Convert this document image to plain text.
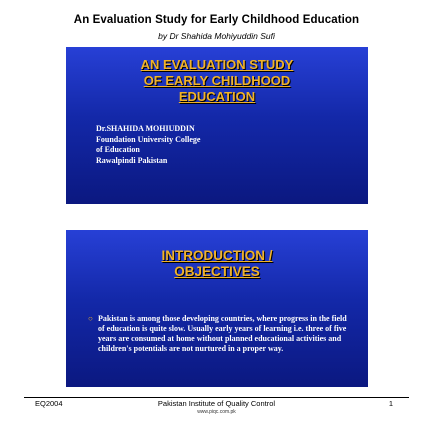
An Evaluation Study for Early Childhood Education
by Dr Shahida Mohiyuddin Sufi
AN EVALUATION STUDY
OF EARLY CHILDHOOD
EDUCATION
Dr.SHAHIDA MOHIUDDIN
Foundation University College
of Education
Rawalpindi Pakistan
INTRODUCTION /
OBJECTIVES
○ Pakistan is among those developing countries, where progress in the field of education is quite slow. Usually early years of learning i.e. three of five years are consumed at home without planned educational activities and children's potentials are not nurtured in a proper way.
EQ2004	Pakistan Institute of Quality Control	1
www.piqc.com.pk
